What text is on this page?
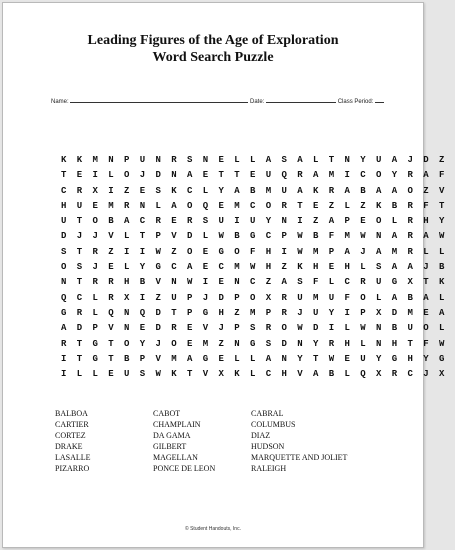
Leading Figures of the Age of Exploration
Word Search Puzzle
Name:	Date:	Class Period:
K K M N P U N R S N E L L A S A L T N Y U A J D Z
T E I L O J D N A E T T E U Q R A M I C O Y R A F
C R X I Z E S K C L Y A B M U A K R A B A A O Z V
H U E M R N L A O Q E M C O R T E Z L Z K B R F T
U T O B A C R E R S U I U Y N I Z A P E O L R H Y
D J J V L T P V D L W B G C P W B F M W N A R A W
S T R Z I I W Z O E G O F H I W M P A J A M R L L
O S J E L Y G C A E C M W H Z K H E H L S A A J B
N T R R H B V N W I E N C Z A S F L C R U G X T K
Q C L R X I Z U P J D P O X R U M U F O L A B A L
G R L Q N Q D T P G H Z M P R J U Y I P X D M E A
A D P V N E D R E V J P S R O W D I L W N B U O L
R T G T O Y J O E M Z N G S D N Y R H L N H T F W
I T G T B P V M A G E L L A N Y T W E U Y G H Y G
I L L E U S W K T V X K L C H V A B L Q X R C J X
BALBOA
CARTIER
CORTEZ
DRAKE
LASALLE
PIZARRO
CABOT
CHAMPLAIN
DA GAMA
GILBERT
MAGELLAN
PONCE DE LEON
CABRAL
COLUMBUS
DIAZ
HUDSON
MARQUETTE AND JOLIET
RALEIGH
© Student Handouts, Inc.
